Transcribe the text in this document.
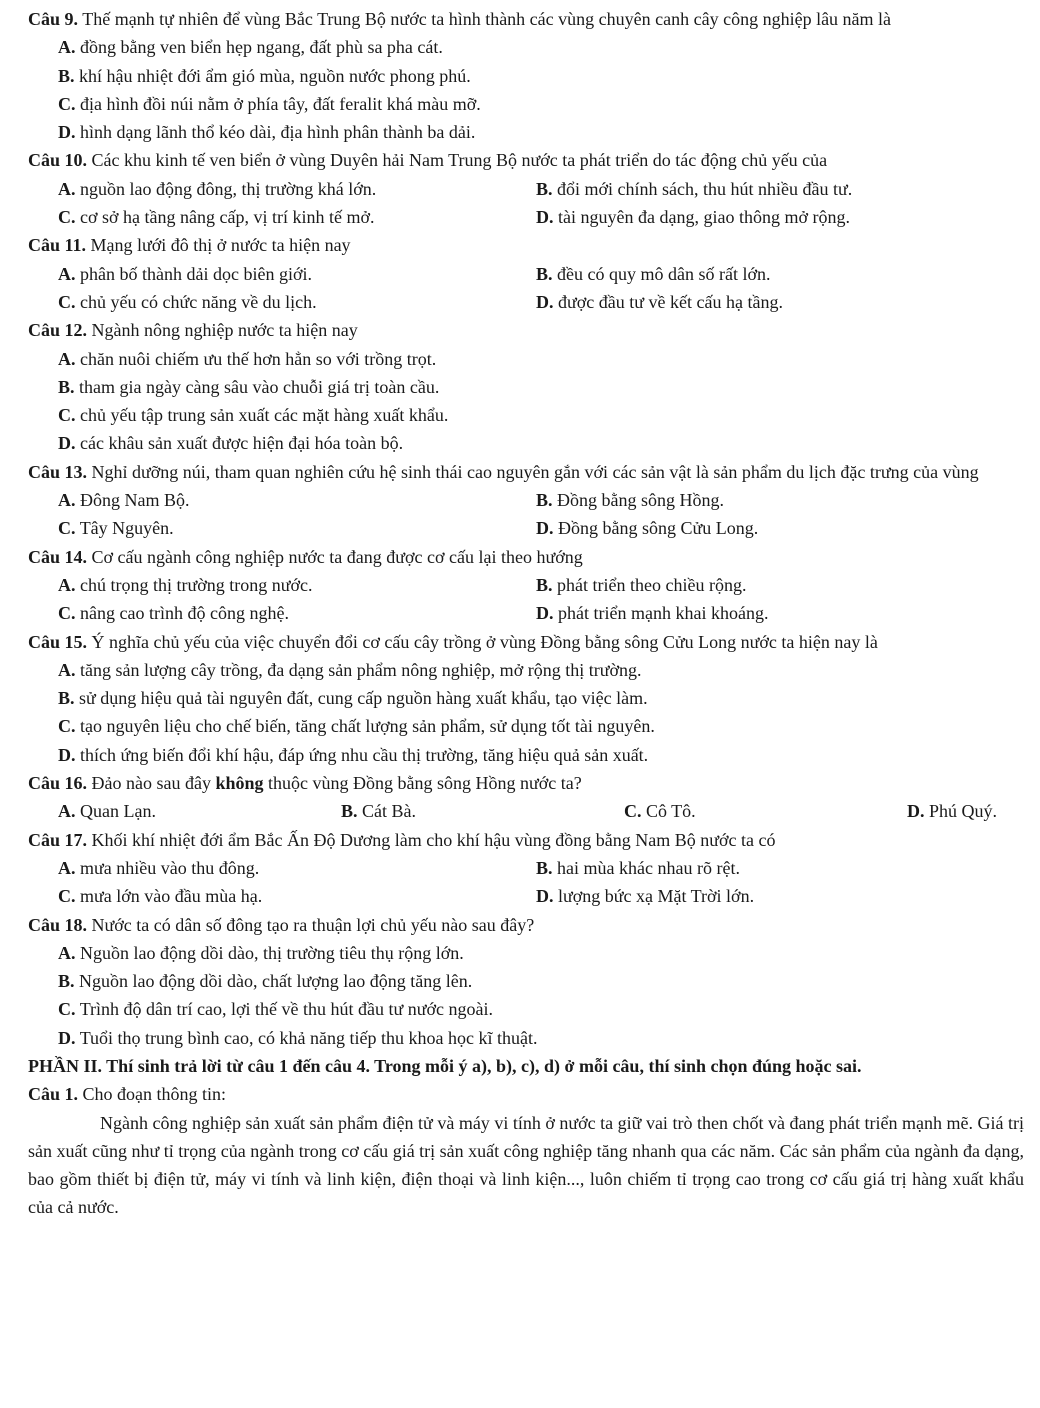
Câu 9. Thế mạnh tự nhiên để vùng Bắc Trung Bộ nước ta hình thành các vùng chuyên canh cây công nghiệp lâu năm là

A. đồng bằng ven biển hẹp ngang, đất phù sa pha cát.
B. khí hậu nhiệt đới ẩm gió mùa, nguồn nước phong phú.
C. địa hình đồi núi nằm ở phía tây, đất feralit khá màu mỡ.
D. hình dạng lãnh thổ kéo dài, địa hình phân thành ba dải.

Câu 10. Các khu kinh tế ven biển ở vùng Duyên hải Nam Trung Bộ nước ta phát triển do tác động chủ yếu của

A. nguồn lao động đông, thị trường khá lớn.	B. đổi mới chính sách, thu hút nhiều đầu tư.
C. cơ sở hạ tầng nâng cấp, vị trí kinh tế mở.	D. tài nguyên đa dạng, giao thông mở rộng.

Câu 11. Mạng lưới đô thị ở nước ta hiện nay

A. phân bố thành dải dọc biên giới.	B. đều có quy mô dân số rất lớn.
C. chủ yếu có chức năng về du lịch.	D. được đầu tư về kết cấu hạ tầng.

Câu 12. Ngành nông nghiệp nước ta hiện nay

A. chăn nuôi chiếm ưu thế hơn hẳn so với trồng trọt.
B. tham gia ngày càng sâu vào chuỗi giá trị toàn cầu.
C. chủ yếu tập trung sản xuất các mặt hàng xuất khẩu.
D. các khâu sản xuất được hiện đại hóa toàn bộ.

Câu 13. Nghỉ dưỡng núi, tham quan nghiên cứu hệ sinh thái cao nguyên gắn với các sản vật là sản phẩm du lịch đặc trưng của vùng

A. Đông Nam Bộ.	B. Đồng bằng sông Hồng.
C. Tây Nguyên.	D. Đồng bằng sông Cửu Long.

Câu 14. Cơ cấu ngành công nghiệp nước ta đang được cơ cấu lại theo hướng

A. chú trọng thị trường trong nước.	B. phát triển theo chiều rộng.
C. nâng cao trình độ công nghệ.	D. phát triển mạnh khai khoáng.

Câu 15. Ý nghĩa chủ yếu của việc chuyển đổi cơ cấu cây trồng ở vùng Đồng bằng sông Cửu Long nước ta hiện nay là

A. tăng sản lượng cây trồng, đa dạng sản phẩm nông nghiệp, mở rộng thị trường.
B. sử dụng hiệu quả tài nguyên đất, cung cấp nguồn hàng xuất khẩu, tạo việc làm.
C. tạo nguyên liệu cho chế biến, tăng chất lượng sản phẩm, sử dụng tốt tài nguyên.
D. thích ứng biến đổi khí hậu, đáp ứng nhu cầu thị trường, tăng hiệu quả sản xuất.

Câu 16. Đảo nào sau đây không thuộc vùng Đồng bằng sông Hồng nước ta?

A. Quan Lạn.	B. Cát Bà.	C. Cô Tô.	D. Phú Quý.

Câu 17. Khối khí nhiệt đới ẩm Bắc Ấn Độ Dương làm cho khí hậu vùng đồng bằng Nam Bộ nước ta có

A. mưa nhiều vào thu đông.	B. hai mùa khác nhau rõ rệt.
C. mưa lớn vào đầu mùa hạ.	D. lượng bức xạ Mặt Trời lớn.

Câu 18. Nước ta có dân số đông tạo ra thuận lợi chủ yếu nào sau đây?

A. Nguồn lao động dồi dào, thị trường tiêu thụ rộng lớn.
B. Nguồn lao động dồi dào, chất lượng lao động tăng lên.
C. Trình độ dân trí cao, lợi thế về thu hút đầu tư nước ngoài.
D. Tuổi thọ trung bình cao, có khả năng tiếp thu khoa học kĩ thuật.

PHẦN II. Thí sinh trả lời từ câu 1 đến câu 4. Trong mỗi ý a), b), c), d) ở mỗi câu, thí sinh chọn đúng hoặc sai.

Câu 1. Cho đoạn thông tin:

Ngành công nghiệp sản xuất sản phẩm điện tử và máy vi tính ở nước ta giữ vai trò then chốt và đang phát triển mạnh mẽ. Giá trị sản xuất cũng như tỉ trọng của ngành trong cơ cấu giá trị sản xuất công nghiệp tăng nhanh qua các năm. Các sản phẩm của ngành đa dạng, bao gồm thiết bị điện tử, máy vi tính và linh kiện, điện thoại và linh kiện..., luôn chiếm tỉ trọng cao trong cơ cấu giá trị hàng xuất khẩu của cả nước.
